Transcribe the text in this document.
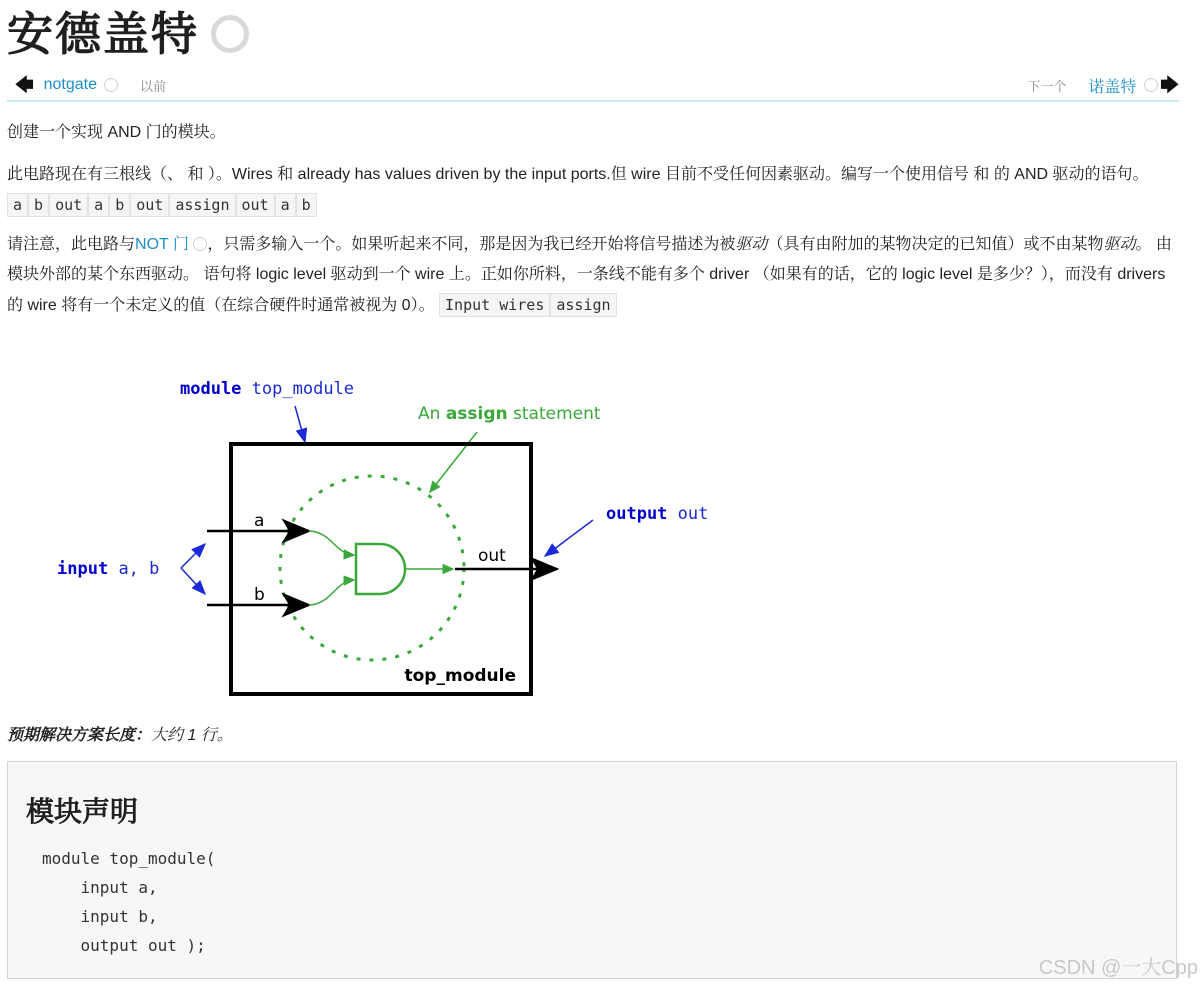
安德盖特
🡄 notgate	以前	下一个 诺盖特 🡆

创建一个实现 AND 门的模块。

此电路现在有三根线（、 和 ）。Wires 和 already has values driven by the input ports.但 wire 目前不受任何因素驱动。编写一个使用信号 和 的 AND 驱动的语句。 a b out a b out assign out a b

请注意，此电路与NOT 门 ，只需多输入一个。如果听起来不同，那是因为我已经开始将信号描述为被驱动（具有由附加的某物决定的已知值）或不由某物驱动。 由模块外部的某个东西驱动。 语句将 logic level 驱动到一个 wire 上。正如你所料，一条线不能有多个 driver （如果有的话，它的 logic level 是多少？），而没有 drivers 的 wire 将有一个未定义的值（在综合硬件时通常被视为 0）。 Input wires assign

module top_module
An assign statement
a
b
out
input a, b
output out
top_module
预期解决方案长度：大约 1 行。
模块声明
module top_module(
input a,
input b,
output out );
CSDN @一大Cpp
